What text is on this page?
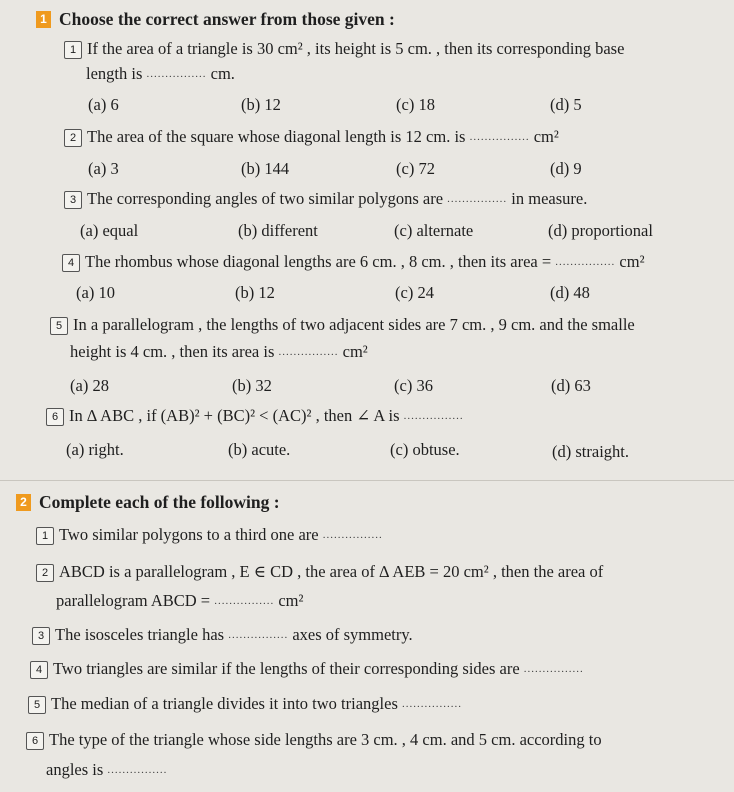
1 Choose the correct answer from those given :
1 If the area of a triangle is 30 cm² , its height is 5 cm. , then its corresponding base
length is ................ cm.
(a) 6	(b) 12	(c) 18	(d) 5
2 The area of the square whose diagonal length is 12 cm. is ................ cm²
(a) 3	(b) 144	(c) 72	(d) 9
3 The corresponding angles of two similar polygons are ................ in measure.
(a) equal	(b) different	(c) alternate	(d) proportional
4 The rhombus whose diagonal lengths are 6 cm. , 8 cm. , then its area = ................ cm²
(a) 10	(b) 12	(c) 24	(d) 48
5 In a parallelogram , the lengths of two adjacent sides are 7 cm. , 9 cm. and the smalle
height is 4 cm. , then its area is ................ cm²
(a) 28	(b) 32	(c) 36	(d) 63
6 In ∆ ABC , if (AB)² + (BC)² < (AC)² , then ∠ A is ................
(a) right.	(b) acute.	(c) obtuse.	(d) straight.
2 Complete each of the following :
1 Two similar polygons to a third one are ................
2 ABCD is a parallelogram , E ∈ CD , the area of ∆ AEB = 20 cm² , then the area of
parallelogram ABCD = ................ cm²
3 The isosceles triangle has ................ axes of symmetry.
4 Two triangles are similar if the lengths of their corresponding sides are ................
5 The median of a triangle divides it into two triangles ................
6 The type of the triangle whose side lengths are 3 cm. , 4 cm. and 5 cm. according to
angles is ................
